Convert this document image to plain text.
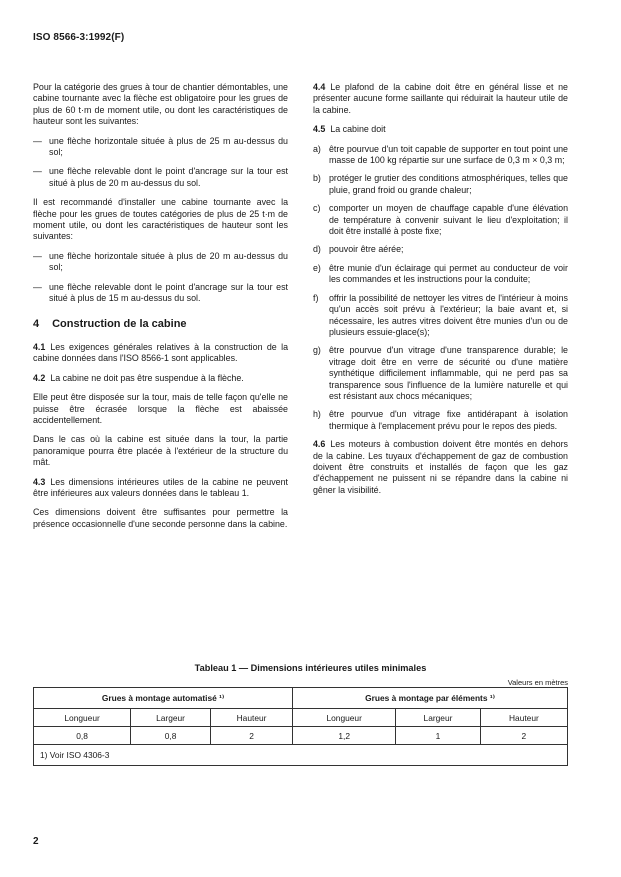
ISO 8566-3:1992(F)

Pour la catégorie des grues à tour de chantier démontables, une cabine tournante avec la flèche est obligatoire pour les grues de plus de 60 t·m de moment utile, ou dont les caractéristiques de hauteur sont les suivantes:

— une flèche horizontale située à plus de 25 m au-dessus du sol;
— une flèche relevable dont le point d'ancrage sur la tour est situé à plus de 20 m au-dessus du sol.

Il est recommandé d'installer une cabine tournante avec la flèche pour les grues de toutes catégories de plus de 25 t·m de moment utile, ou dont les caractéristiques de hauteur sont les suivantes:

— une flèche horizontale située à plus de 20 m au-dessus du sol;
— une flèche relevable dont le point d'ancrage sur la tour est situé à plus de 15 m au-dessus du sol.
4 Construction de la cabine

4.1 Les exigences générales relatives à la construction de la cabine données dans l'ISO 8566-1 sont applicables.

4.2 La cabine ne doit pas être suspendue à la flèche.

Elle peut être disposée sur la tour, mais de telle façon qu'elle ne puisse être écrasée lorsque la flèche est abaissée accidentellement.

Dans le cas où la cabine est située dans la tour, la partie panoramique pourra être placée à l'extérieur de la structure du mât.

4.3 Les dimensions intérieures utiles de la cabine ne peuvent être inférieures aux valeurs données dans le tableau 1.

Ces dimensions doivent être suffisantes pour permettre la présence occasionnelle d'une seconde personne dans la cabine.

4.4 Le plafond de la cabine doit être en général lisse et ne présenter aucune forme saillante qui réduirait la hauteur utile de la cabine.

4.5 La cabine doit

a) être pourvue d'un toit capable de supporter en tout point une masse de 100 kg répartie sur une surface de 0,3 m × 0,3 m;
b) protéger le grutier des conditions atmosphériques, telles que pluie, grand froid ou grande chaleur;
c) comporter un moyen de chauffage capable d'une élévation de température à convenir suivant le lieu d'exploitation; il doit être installé à poste fixe;
d) pouvoir être aérée;
e) être munie d'un éclairage qui permet au conducteur de voir les commandes et les instructions pour la conduite;
f)	offrir la possibilité de nettoyer les vitres de l'intérieur à moins qu'un accès soit prévu à l'extérieur; la baie avant et, si nécessaire, les autres vitres doivent être munies d'un ou de plusieurs essuie-glace(s);
g) être pourvue d'un vitrage d'une transparence durable; le vitrage doit être en verre de sécurité ou d'une matière synthétique difficilement inflammable, qui ne perd pas sa transparence sous l'influence de la lumière naturelle et qui est résistant aux chocs mécaniques;
h) être pourvue d'un vitrage fixe antidérapant à isolation thermique à l'emplacement prévu pour le repos des pieds.

4.6 Les moteurs à combustion doivent être montés en dehors de la cabine. Les tuyaux d'échappement de gaz de combustion doivent être construits et installés de façon que les gaz d'échappement ne puissent ni se répandre dans la cabine ni gêner la visibilité.

Tableau 1 — Dimensions intérieures utiles minimales
Valeurs en mètres
Grues à montage automatisé ¹⁾			Grues à montage par éléments ¹⁾		
Longueur	Largeur	Hauteur	Longueur	Largeur	Hauteur
0,8	0,8	2	1,2	1	2
1) Voir ISO 4306-3					
2
